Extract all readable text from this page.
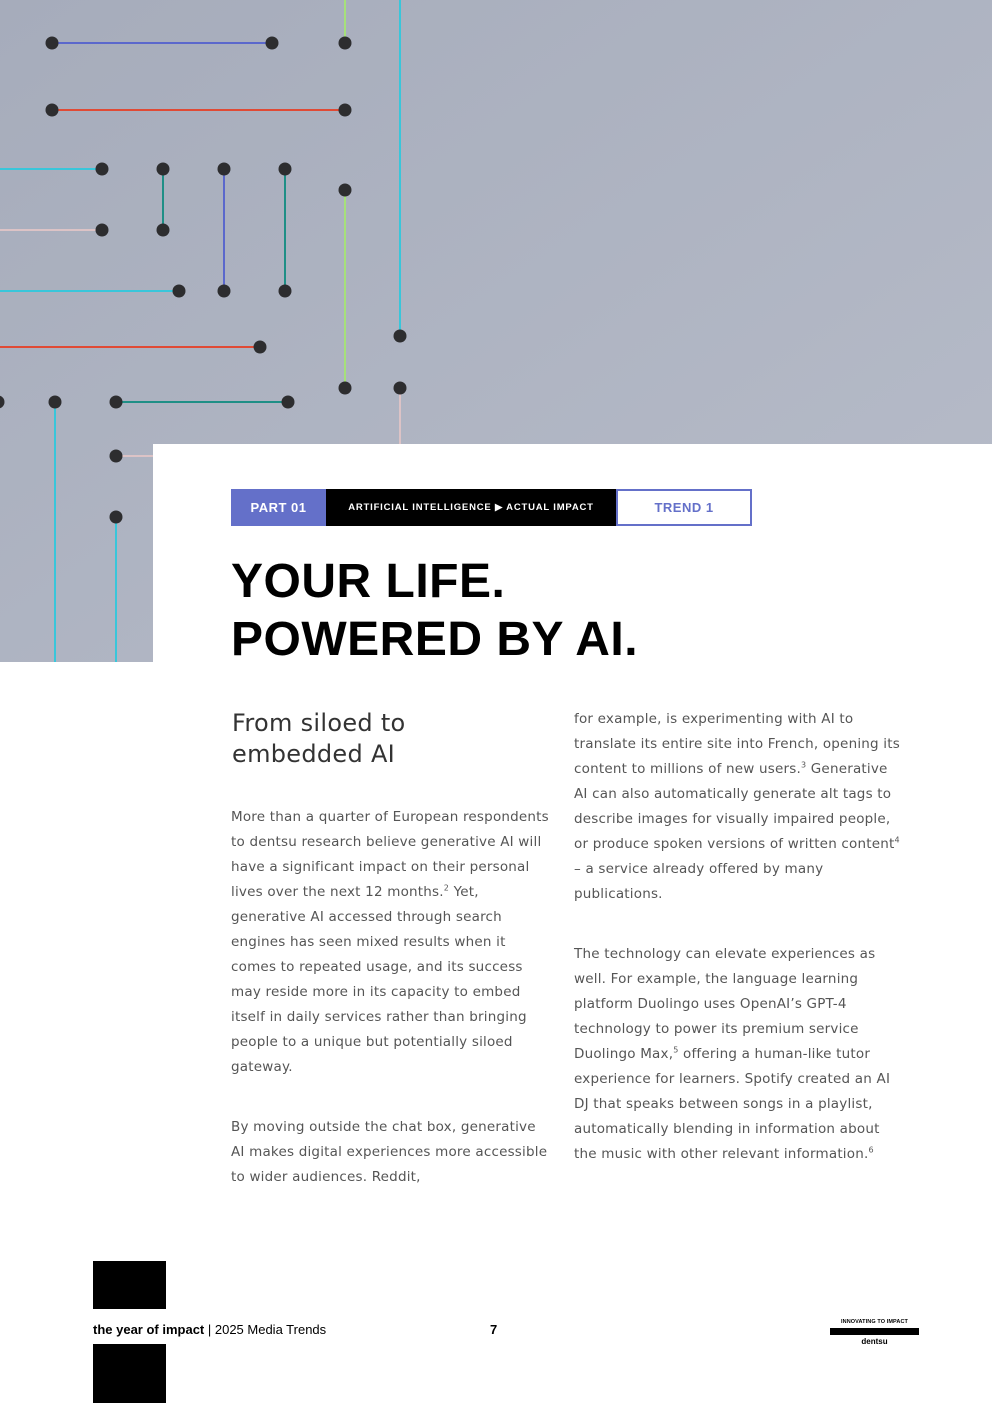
PART 01	ARTIFICIAL INTELLIGENCE ▶ ACTUAL IMPACT	TREND 1
YOUR LIFE.
POWERED BY AI.
From siloed to embedded AI

More than a quarter of European respondents to dentsu research believe generative AI will have a significant impact on their personal lives over the next 12 months.$^2$ Yet, generative AI accessed through search engines has seen mixed results when it comes to repeated usage, and its success may reside more in its capacity to embed itself in daily services rather than bringing people to a unique but potentially siloed gateway.

By moving outside the chat box, generative AI makes digital experiences more accessible to wider audiences. Reddit,

for example, is experimenting with AI to translate its entire site into French, opening its content to millions of new users.$^3$ Generative AI can also automatically generate alt tags to describe images for visually impaired people, or produce spoken versions of written content$^4$ – a service already offered by many publications.

The technology can elevate experiences as well. For example, the language learning platform Duolingo uses OpenAI’s GPT-4 technology to power its premium service Duolingo Max,$^5$ offering a human-like tutor experience for learners. Spotify created an AI DJ that speaks between songs in a playlist, automatically blending in information about the music with other relevant information.$^6$

the year of impact | 2025 Media Trends	7	INNOVATING TO IMPACT
dentsu
